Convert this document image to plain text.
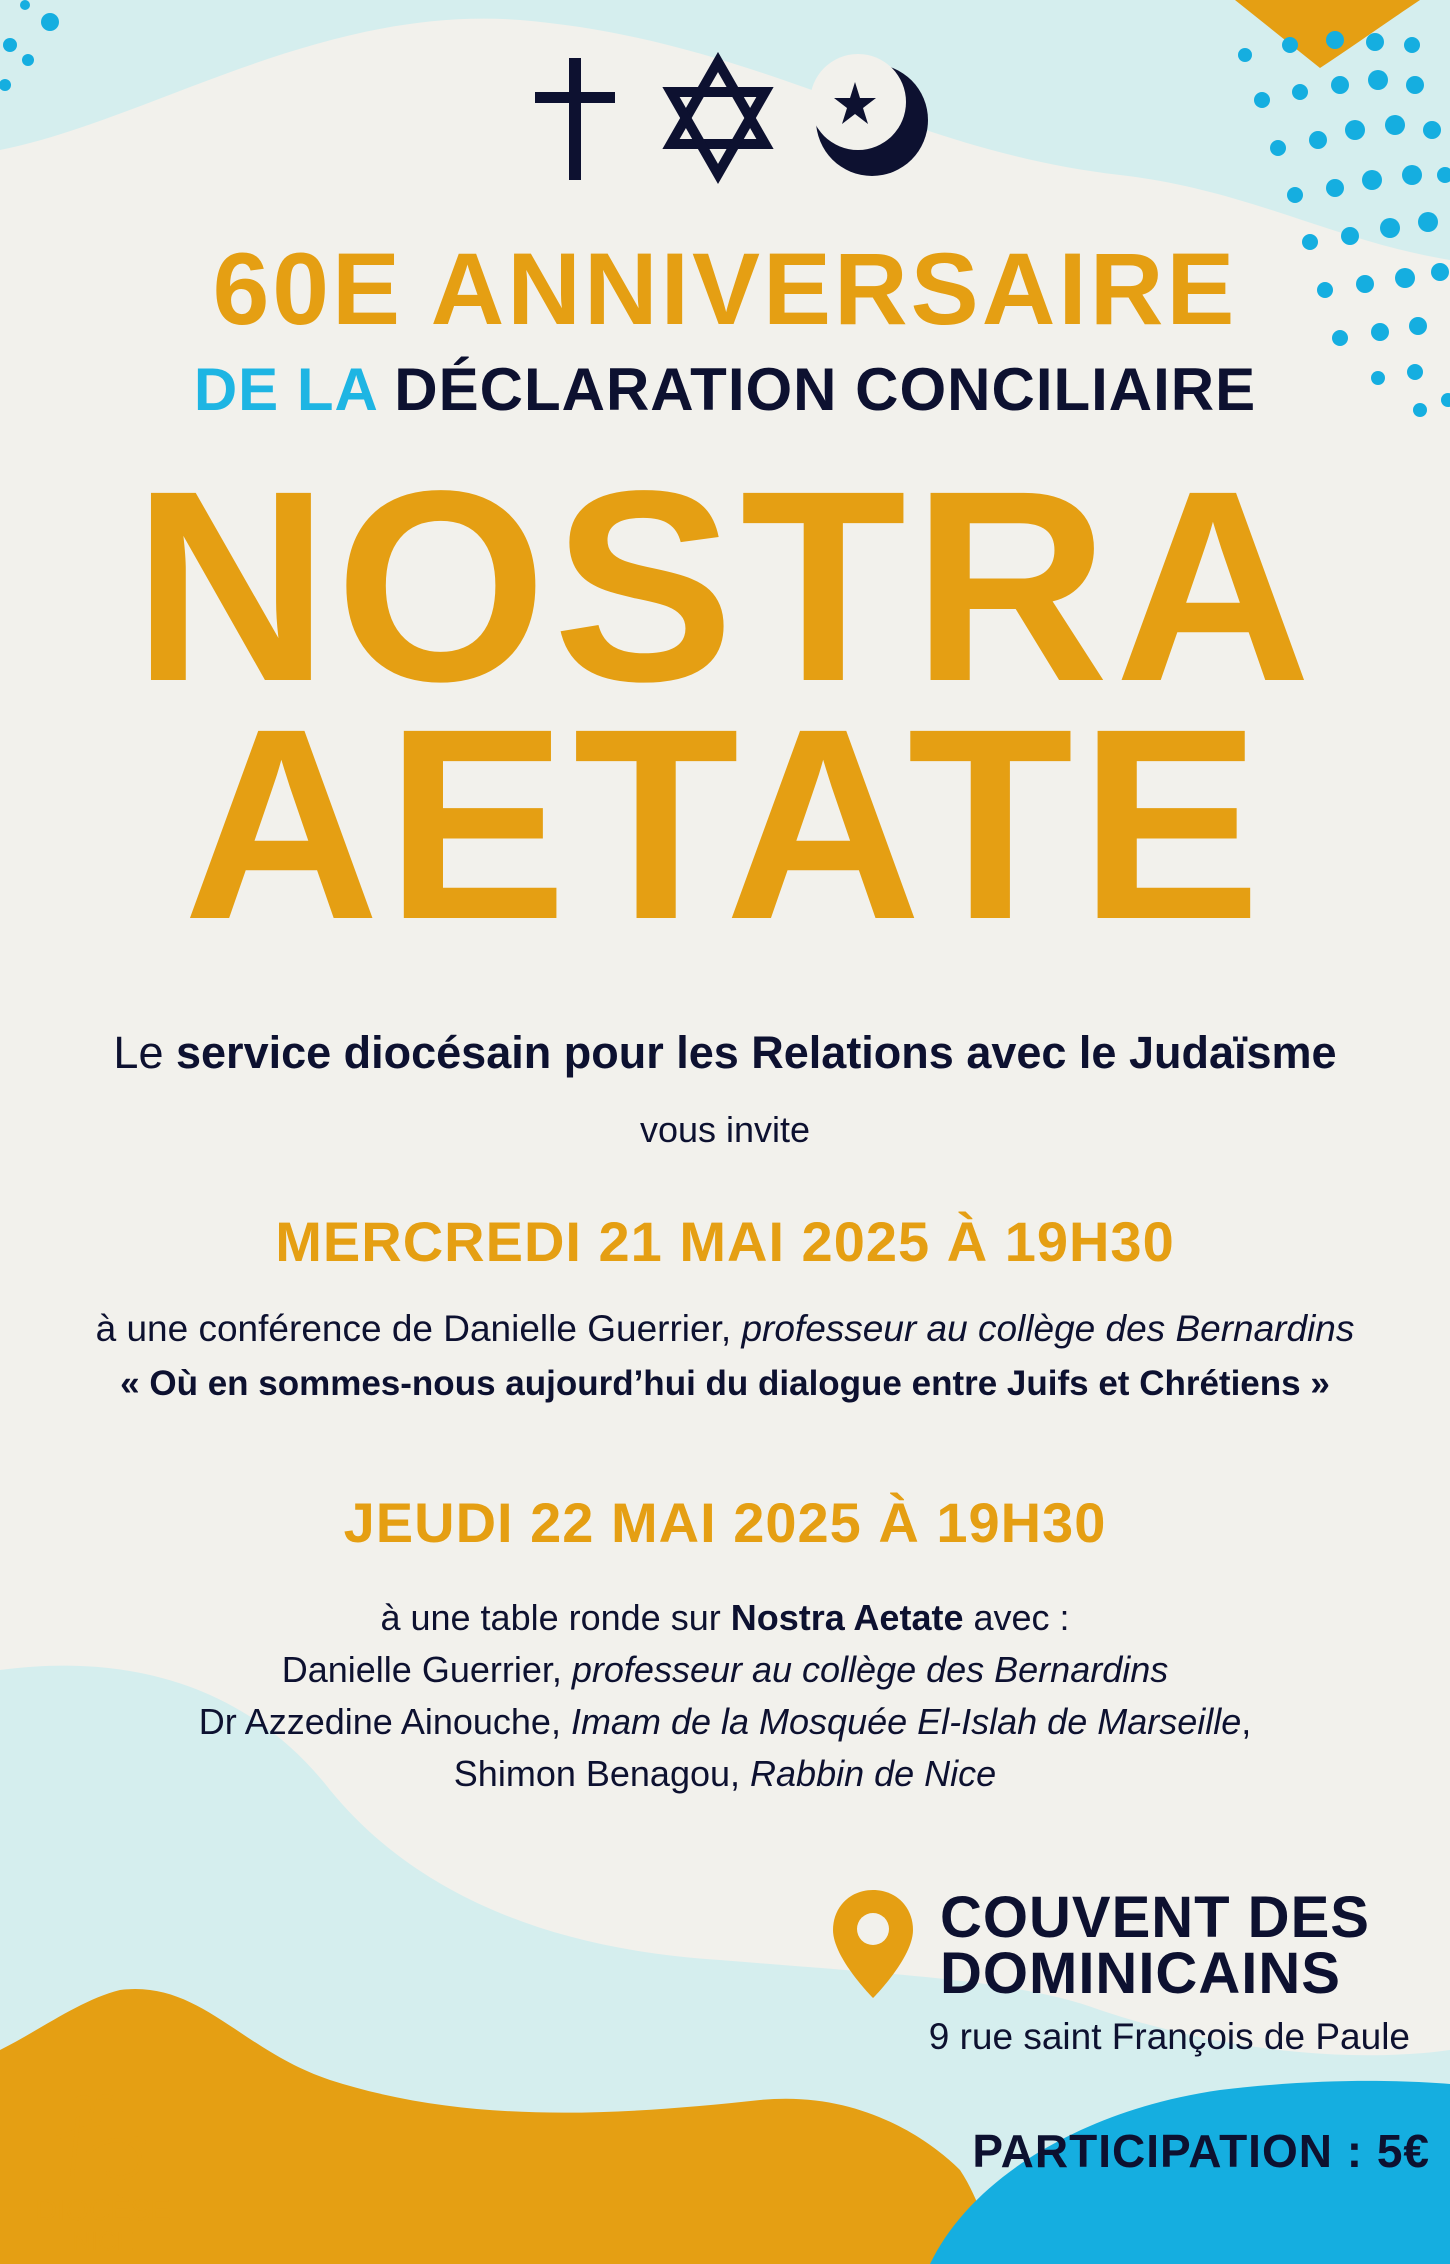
60E ANNIVERSAIRE
DE LA DÉCLARATION CONCILIAIRE
NOSTRA
AETATE
Le service diocésain pour les Relations avec le Judaïsme
vous invite
MERCREDI 21 MAI 2025 À 19H30
à une conférence de Danielle Guerrier, professeur au collège des Bernardins
« Où en sommes-nous aujourd’hui du dialogue entre Juifs et Chrétiens »
JEUDI 22 MAI 2025 À 19H30
à une table ronde sur Nostra Aetate avec :
Danielle Guerrier, professeur au collège des Bernardins
Dr Azzedine Ainouche, Imam de la Mosquée El-Islah de Marseille,
Shimon Benagou, Rabbin de Nice
COUVENT DES
DOMINICAINS
9 rue saint François de Paule
PARTICIPATION : 5€
DIOCÈSE
NICE
